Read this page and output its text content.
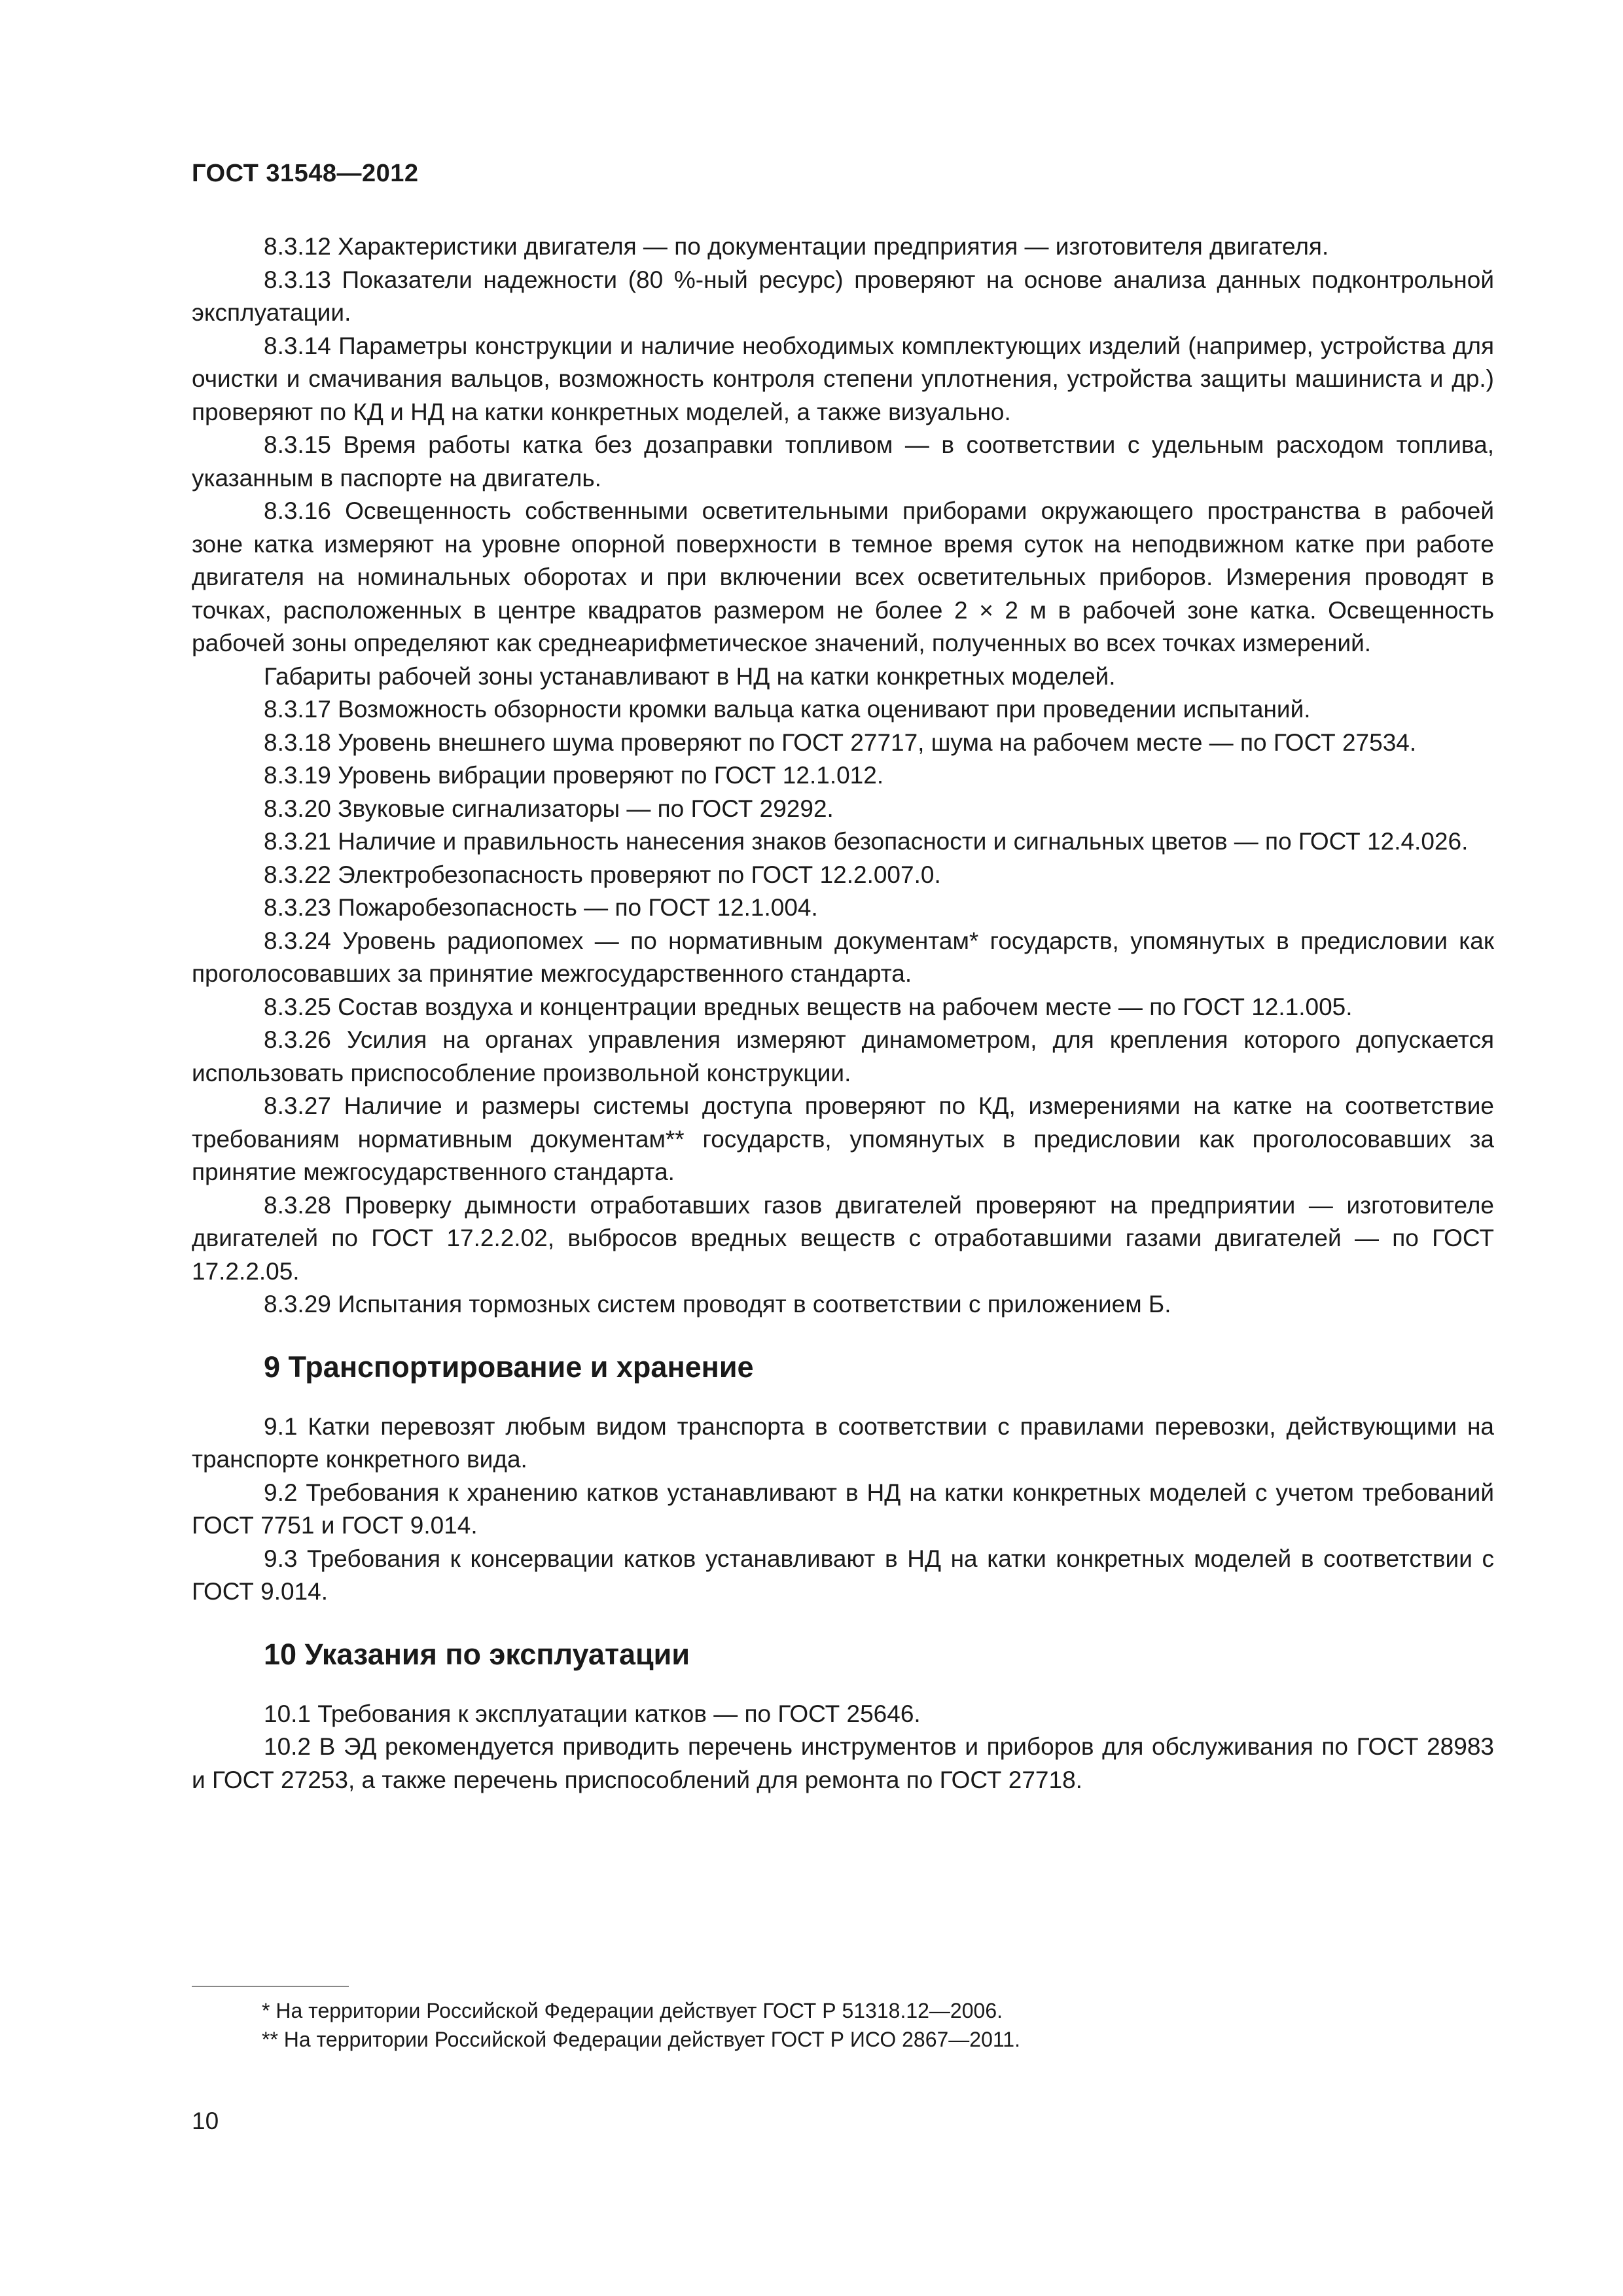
ГОСТ 31548—2012

8.3.12 Характеристики двигателя — по документации предприятия — изготовителя двигателя.

8.3.13 Показатели надежности (80 %-ный ресурс) проверяют на основе анализа данных подконтрольной эксплуатации.

8.3.14 Параметры конструкции и наличие необходимых комплектующих изделий (например, устройства для очистки и смачивания вальцов, возможность контроля степени уплотнения, устройства защиты машиниста и др.) проверяют по КД и НД на катки конкретных моделей, а также визуально.

8.3.15 Время работы катка без дозаправки топливом — в соответствии с удельным расходом топлива, указанным в паспорте на двигатель.

8.3.16 Освещенность собственными осветительными приборами окружающего пространства в рабочей зоне катка измеряют на уровне опорной поверхности в темное время суток на неподвижном катке при работе двигателя на номинальных оборотах и при включении всех осветительных приборов. Измерения проводят в точках, расположенных в центре квадратов размером не более 2 × 2 м в рабочей зоне катка. Освещенность рабочей зоны определяют как среднеарифметическое значений, полученных во всех точках измерений.

Габариты рабочей зоны устанавливают в НД на катки конкретных моделей.

8.3.17 Возможность обзорности кромки вальца катка оценивают при проведении испытаний.

8.3.18 Уровень внешнего шума проверяют по ГОСТ 27717, шума на рабочем месте — по ГОСТ 27534.

8.3.19 Уровень вибрации проверяют по ГОСТ 12.1.012.

8.3.20 Звуковые сигнализаторы — по ГОСТ 29292.

8.3.21 Наличие и правильность нанесения знаков безопасности и сигнальных цветов — по ГОСТ 12.4.026.

8.3.22 Электробезопасность проверяют по ГОСТ 12.2.007.0.

8.3.23 Пожаробезопасность — по ГОСТ 12.1.004.

8.3.24 Уровень радиопомех — по нормативным документам* государств, упомянутых в предисловии как проголосовавших за принятие межгосударственного стандарта.

8.3.25 Состав воздуха и концентрации вредных веществ на рабочем месте — по ГОСТ 12.1.005.

8.3.26 Усилия на органах управления измеряют динамометром, для крепления которого допускается использовать приспособление произвольной конструкции.

8.3.27 Наличие и размеры системы доступа проверяют по КД, измерениями на катке на соответствие требованиям нормативным документам** государств, упомянутых в предисловии как проголосовавших за принятие межгосударственного стандарта.

8.3.28 Проверку дымности отработавших газов двигателей проверяют на предприятии — изготовителе двигателей по ГОСТ 17.2.2.02, выбросов вредных веществ с отработавшими газами двигателей — по ГОСТ 17.2.2.05.

8.3.29 Испытания тормозных систем проводят в соответствии с приложением Б.

9 Транспортирование и хранение

9.1 Катки перевозят любым видом транспорта в соответствии с правилами перевозки, действующими на транспорте конкретного вида.

9.2 Требования к хранению катков устанавливают в НД на катки конкретных моделей с учетом требований ГОСТ 7751 и ГОСТ 9.014.

9.3 Требования к консервации катков устанавливают в НД на катки конкретных моделей в соответствии с ГОСТ 9.014.

10 Указания по эксплуатации

10.1 Требования к эксплуатации катков — по ГОСТ 25646.

10.2 В ЭД рекомендуется приводить перечень инструментов и приборов для обслуживания по ГОСТ 28983 и ГОСТ 27253, а также перечень приспособлений для ремонта по ГОСТ 27718.

* На территории Российской Федерации действует ГОСТ Р 51318.12—2006.

** На территории Российской Федерации действует ГОСТ Р ИСО 2867—2011.

10
